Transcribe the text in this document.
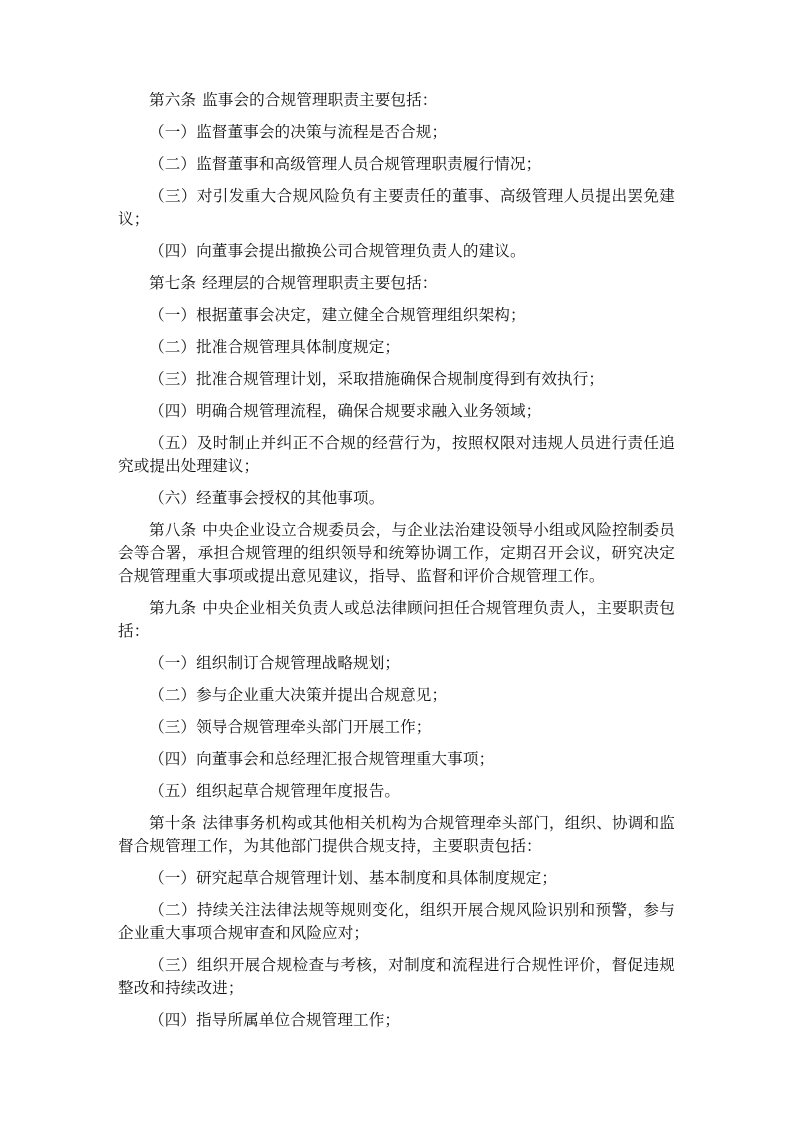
第六条 监事会的合规管理职责主要包括：

（一）监督董事会的决策与流程是否合规；

（二）监督董事和高级管理人员合规管理职责履行情况；

（三）对引发重大合规风险负有主要责任的董事、高级管理人员提出罢免建议；

（四）向董事会提出撤换公司合规管理负责人的建议。

第七条 经理层的合规管理职责主要包括：

（一）根据董事会决定，建立健全合规管理组织架构；

（二）批准合规管理具体制度规定；

（三）批准合规管理计划，采取措施确保合规制度得到有效执行；

（四）明确合规管理流程，确保合规要求融入业务领域；

（五）及时制止并纠正不合规的经营行为，按照权限对违规人员进行责任追究或提出处理建议；

（六）经董事会授权的其他事项。

第八条 中央企业设立合规委员会，与企业法治建设领导小组或风险控制委员会等合署，承担合规管理的组织领导和统筹协调工作，定期召开会议，研究决定合规管理重大事项或提出意见建议，指导、监督和评价合规管理工作。

第九条 中央企业相关负责人或总法律顾问担任合规管理负责人，主要职责包括：

（一）组织制订合规管理战略规划；

（二）参与企业重大决策并提出合规意见；

（三）领导合规管理牵头部门开展工作；

（四）向董事会和总经理汇报合规管理重大事项；

（五）组织起草合规管理年度报告。

第十条 法律事务机构或其他相关机构为合规管理牵头部门，组织、协调和监督合规管理工作，为其他部门提供合规支持，主要职责包括：

（一）研究起草合规管理计划、基本制度和具体制度规定；

（二）持续关注法律法规等规则变化，组织开展合规风险识别和预警，参与企业重大事项合规审查和风险应对；

（三）组织开展合规检查与考核，对制度和流程进行合规性评价，督促违规整改和持续改进；

（四）指导所属单位合规管理工作；
